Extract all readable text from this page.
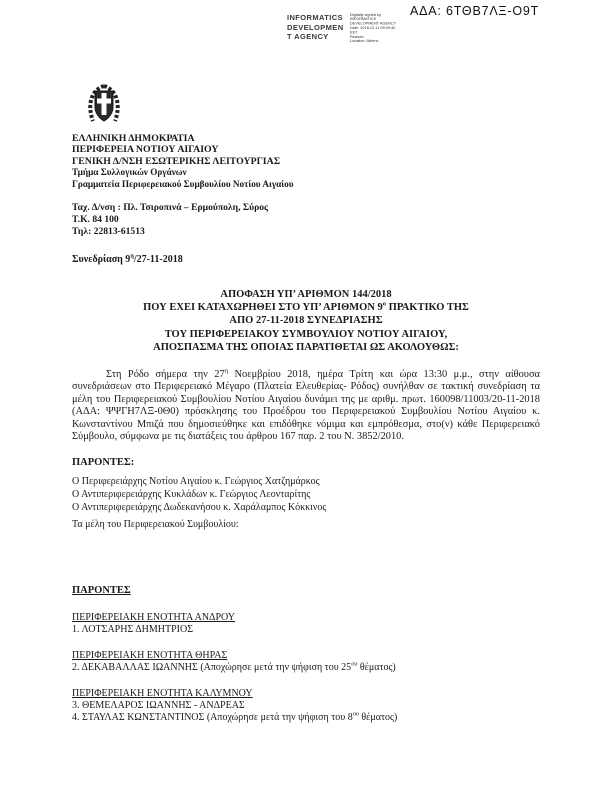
ΑΔΑ: 6ΤΘΒ7ΛΞ-Ο9Τ
INFORMATICS
DEVELOPMEN
T AGENCY
Digitally signed by
INFORMATICS
DEVELOPMENT AGENCY
Date: 2018.12.11 09:49:40
EET
Reason:
Location: Athens
ΕΛΛΗΝΙΚΗ ΔΗΜΟΚΡΑΤΙΑ
ΠΕΡΙΦΕΡΕΙΑ ΝΟΤΙΟΥ ΑΙΓΑΙΟΥ
ΓΕΝΙΚΗ Δ/ΝΣΗ ΕΣΩΤΕΡΙΚΗΣ ΛΕΙΤΟΥΡΓΙΑΣ
Τμήμα Συλλογικών Οργάνων
Γραμματεία Περιφερειακού Συμβουλίου Νοτίου Αιγαίου
Ταχ. Δ/νση : Πλ. Τσιροπινά – Ερμούπολη, Σύρος
Τ.Κ. 84 100
Τηλ: 22813-61513
Συνεδρίαση $9^\eta/27-11-2018$
ΑΠΟΦΑΣΗ ΥΠ’ ΑΡΙΘΜΟΝ 144/2018
ΠΟΥ ΕΧΕΙ ΚΑΤΑΧΩΡΗΘΕΙ ΣΤΟ ΥΠ’ ΑΡΙΘΜΟΝ $9^o$ ΠΡΑΚΤΙΚΟ ΤΗΣ
ΑΠΟ 27-11-2018 ΣΥΝΕΔΡΙΑΣΗΣ
ΤΟΥ ΠΕΡΙΦΕΡΕΙΑΚΟΥ ΣΥΜΒΟΥΛΙΟΥ ΝΟΤΙΟΥ ΑΙΓΑΙΟΥ,
ΑΠΟΣΠΑΣΜΑ ΤΗΣ ΟΠΟΙΑΣ ΠΑΡΑΤΙΘΕΤΑΙ ΩΣ ΑΚΟΛΟΥΘΩΣ:
Στη Ρόδο σήμερα την $27^\eta$ Νοεμβρίου 2018, ημέρα Τρίτη και ώρα 13:30 μ.μ., στην αίθουσα συνεδριάσεων στο Περιφερειακό Μέγαρο (Πλατεία Ελευθερίας- Ρόδος) συνήλθαν σε τακτική συνεδρίαση τα μέλη του Περιφερειακού Συμβουλίου Νοτίου Αιγαίου δυνάμει της με αριθμ. πρωτ. 160098/11003/20-11-2018 (ΑΔΑ: ΨΨΓΗ7ΛΞ-0Θ0) πρόσκλησης του Προέδρου του Περιφερειακού Συμβουλίου Νοτίου Αιγαίου κ. Κωνσταντίνου Μπιζά που δημοσιεύθηκε και επιδόθηκε νόμιμα και εμπρόθεσμα, στο(ν) κάθε Περιφερειακό Σύμβουλο, σύμφωνα με τις διατάξεις του άρθρου 167 παρ. 2 του Ν. 3852/2010.
ΠΑΡΟΝΤΕΣ:
Ο Περιφερειάρχης Νοτίου Αιγαίου κ. Γεώργιος Χατζημάρκος
Ο Αντιπεριφερειάρχης Κυκλάδων κ. Γεώργιος Λεονταρίτης
Ο Αντιπεριφερειάρχης Δωδεκανήσου κ. Χαράλαμπος Κόκκινος
Τα μέλη του Περιφερειακού Συμβουλίου:
ΠΑΡΟΝΤΕΣ
ΠΕΡΙΦΕΡΕΙΑΚΗ ΕΝΟΤΗΤΑ ΑΝΔΡΟΥ
1. ΛΟΤΣΑΡΗΣ ΔΗΜΗΤΡΙΟΣ
ΠΕΡΙΦΕΡΕΙΑΚΗ ΕΝΟΤΗΤΑ ΘΗΡΑΣ
2. ΔΕΚΑΒΑΛΛΑΣ ΙΩΑΝΝΗΣ (Αποχώρησε μετά την ψήφιση του $25^{o\upsilon}$ θέματος)
ΠΕΡΙΦΕΡΕΙΑΚΗ ΕΝΟΤΗΤΑ ΚΑΛΥΜΝΟΥ
3. ΘΕΜΕΛΑΡΟΣ ΙΩΑΝΝΗΣ - ΑΝΔΡΕΑΣ
4. ΣΤΑΥΛΑΣ ΚΩΝΣΤΑΝΤΙΝΟΣ (Αποχώρησε μετά την ψήφιση του $8^{o\upsilon}$ θέματος)
